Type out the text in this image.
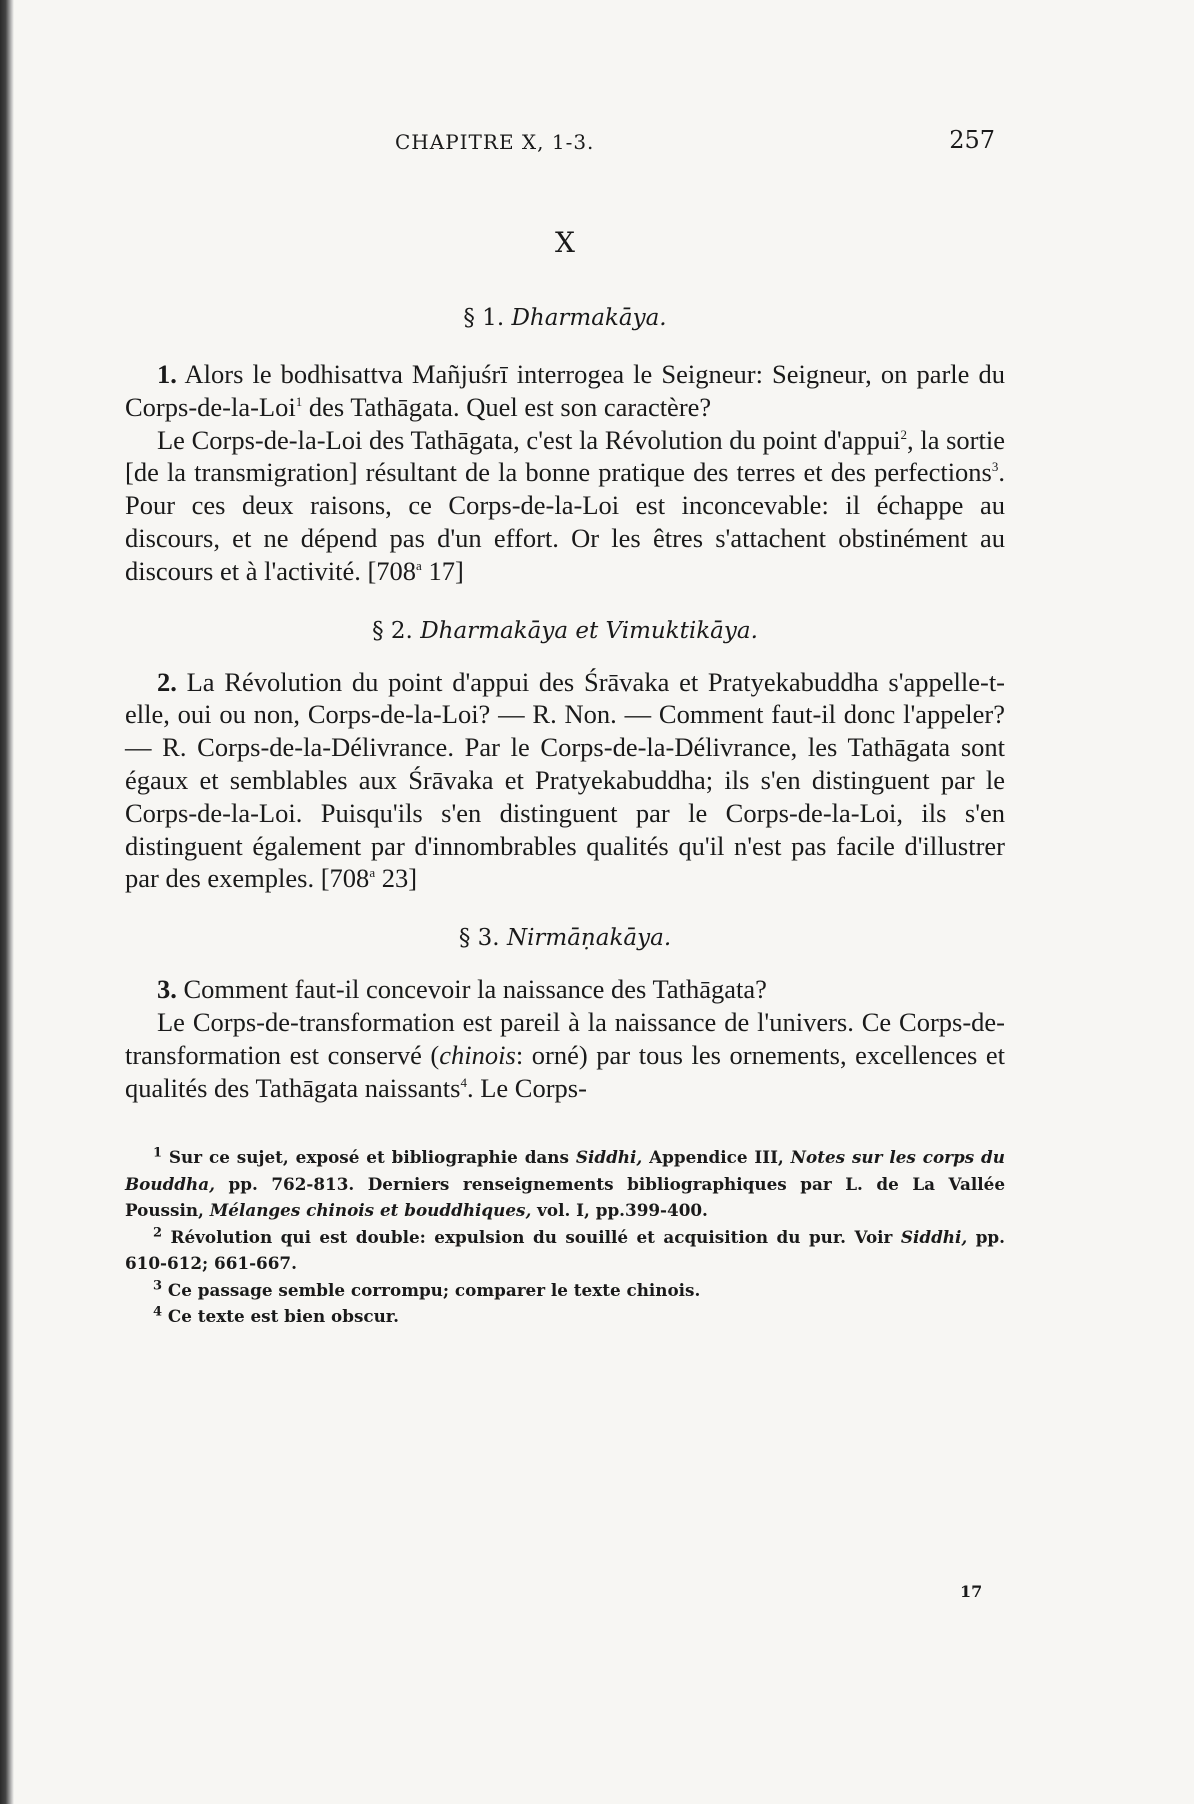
CHAPITRE X, 1-3.	257
X

§ 1. Dharmakāya.

1. Alors le bodhisattva Mañjuśrī interrogea le Seigneur: Seigneur, on parle du Corps-de-la-Loi$^1$ des Tathāgata. Quel est son caractère?

Le Corps-de-la-Loi des Tathāgata, c'est la Révolution du point d'appui$^2$, la sortie [de la transmigration] résultant de la bonne pratique des terres et des perfections$^3$. Pour ces deux raisons, ce Corps-de-la-Loi est inconcevable: il échappe au discours, et ne dépend pas d'un effort. Or les êtres s'attachent obstinément au discours et à l'activité. [708$^a$ 17]

§ 2. Dharmakāya et Vimuktikāya.

2. La Révolution du point d'appui des Śrāvaka et Pratyekabuddha s'appelle-t-elle, oui ou non, Corps-de-la-Loi? — R. Non. — Comment faut-il donc l'appeler? — R. Corps-de-la-Délivrance. Par le Corps-de-la-Délivrance, les Tathāgata sont égaux et semblables aux Śrāvaka et Pratyekabuddha; ils s'en distinguent par le Corps-de-la-Loi. Puisqu'ils s'en distinguent par le Corps-de-la-Loi, ils s'en distinguent également par d'innombrables qualités qu'il n'est pas facile d'illustrer par des exemples. [708$^a$ 23]

§ 3. Nirmāṇakāya.

3. Comment faut-il concevoir la naissance des Tathāgata?

Le Corps-de-transformation est pareil à la naissance de l'univers. Ce Corps-de-transformation est conservé (chinois: orné) par tous les ornements, excellences et qualités des Tathāgata naissants$^4$. Le Corps-

$^1$ Sur ce sujet, exposé et bibliographie dans Siddhi, Appendice III, Notes sur les corps du Bouddha, pp. 762-813. Derniers renseignements bibliographiques par L. de La Vallée Poussin, Mélanges chinois et bouddhiques, vol. I, pp.399-400.

$^2$ Révolution qui est double: expulsion du souillé et acquisition du pur. Voir Siddhi, pp. 610-612; 661-667.

$^3$ Ce passage semble corrompu; comparer le texte chinois.

$^4$ Ce texte est bien obscur.

17
